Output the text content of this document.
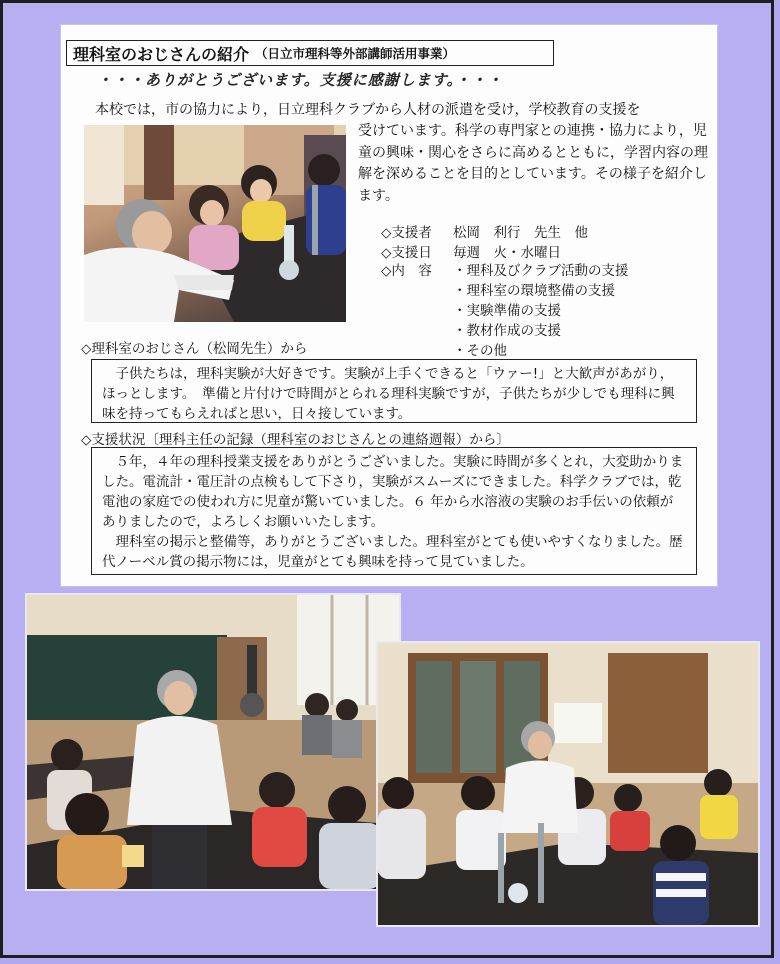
理科室のおじさんの紹介 （日立市理科等外部講師活用事業）
・・・ありがとうございます。支援に感謝します。・・・
本校では，市の協力により，日立理科クラブから人材の派遣を受け，学校教育の支援を
受けています。科学の専門家との連携・協力により，児童の興味・関心をさらに高めるとともに，学習内容の理解を深めることを目的としています。その様子を紹介します。
◇支援者	松岡　利行　先生　他
◇支援日	毎週　火・水曜日
◇内　容	・理科及びクラブ活動の支援
・理科室の環境整備の支援
・実験準備の支援
・教材作成の支援
・その他
◇理科室のおじさん（松岡先生）から
子供たちは，理科実験が大好きです。実験が上手くできると「ウァー!」と大歓声があがり，ほっとします。　準備と片付けで時間がとられる理科実験ですが，子供たちが少しでも理科に興味を持ってもらえればと思い，日々接しています。
◇支援状況〔理科主任の記録（理科室のおじさんとの連絡週報）から〕
５年，４年の理科授業支援をありがとうございました。実験に時間が多くとれ，大変助かりました。電流計・電圧計の点検もして下さり，実験がスムーズにできました。科学クラブでは，乾電池の家庭での使われ方に児童が驚いていました。６ 年から水溶液の実験のお手伝いの依頼がありましたので，よろしくお願いいたします。
理科室の掲示と整備等，ありがとうございました。理科室がとても使いやすくなりました。歴代ノーベル賞の掲示物には，児童がとても興味を持って見ていました。
